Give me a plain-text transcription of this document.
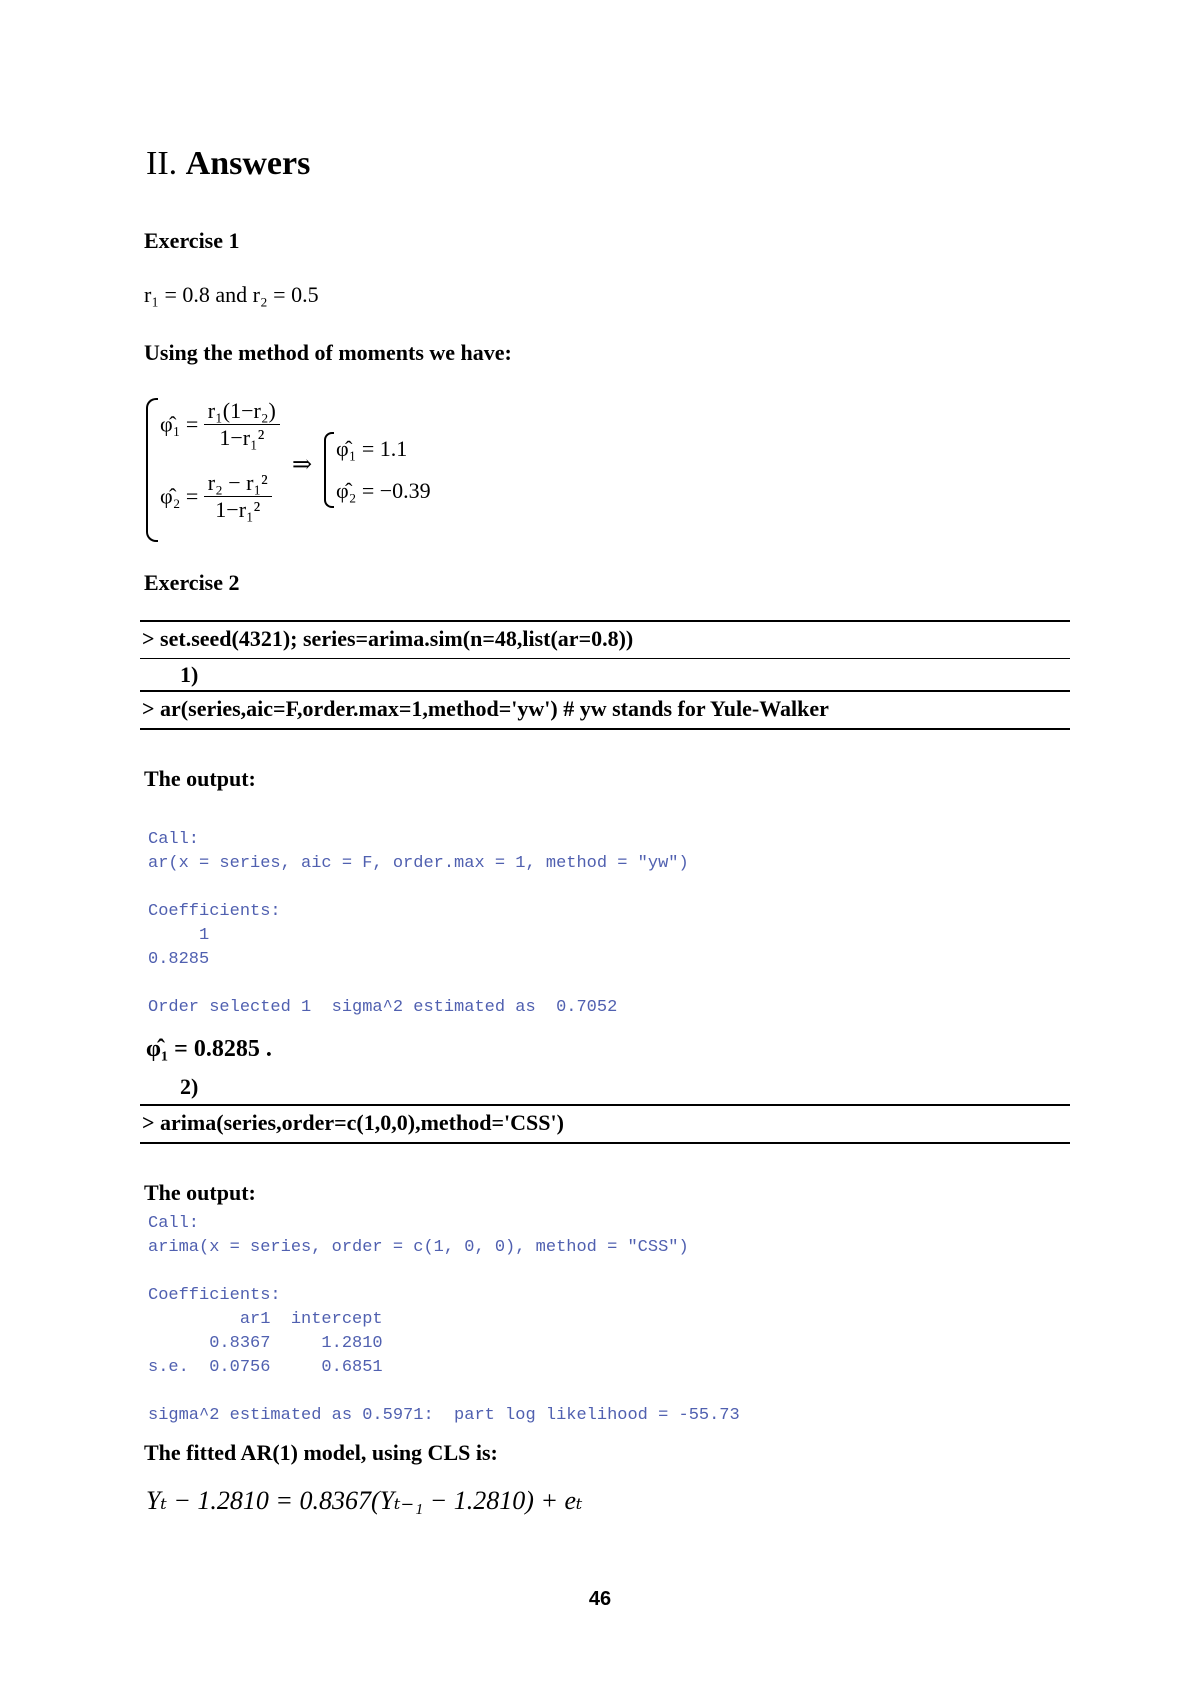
II. Answers
Exercise 1
r₁ = 0.8 and r₂ = 0.5
Using the method of moments we have:
φ̂₁ = $\frac{\text{r₁(1−r₂)}}{\text{1−r₁²}}$
φ̂₂ = $\frac{\text{r₂ − r₁²}}{\text{1−r₁²}}$
⇒
φ̂₁ = 1.1
φ̂₂ = −0.39
Exercise 2
> set.seed(4321); series=arima.sim(n=48,list(ar=0.8))
1)
> ar(series,aic=F,order.max=1,method='yw') # yw stands for Yule-Walker
The output:
Call:
ar(x = series, aic = F, order.max = 1, method = "yw")

Coefficients:
1
0.8285

Order selected 1  sigma^2 estimated as  0.7052
φ̂₁ = 0.8285 .
2)
> arima(series,order=c(1,0,0),method='CSS')
The output:
Call:
arima(x = series, order = c(1, 0, 0), method = "CSS")

Coefficients:
ar1  intercept
0.8367     1.2810
s.e.  0.0756     0.6851

sigma^2 estimated as 0.5971:  part log likelihood = -55.73
The fitted AR(1) model, using CLS is:
Yₜ − 1.2810 = 0.8367(Yₜ₋₁ − 1.2810) + eₜ
46
